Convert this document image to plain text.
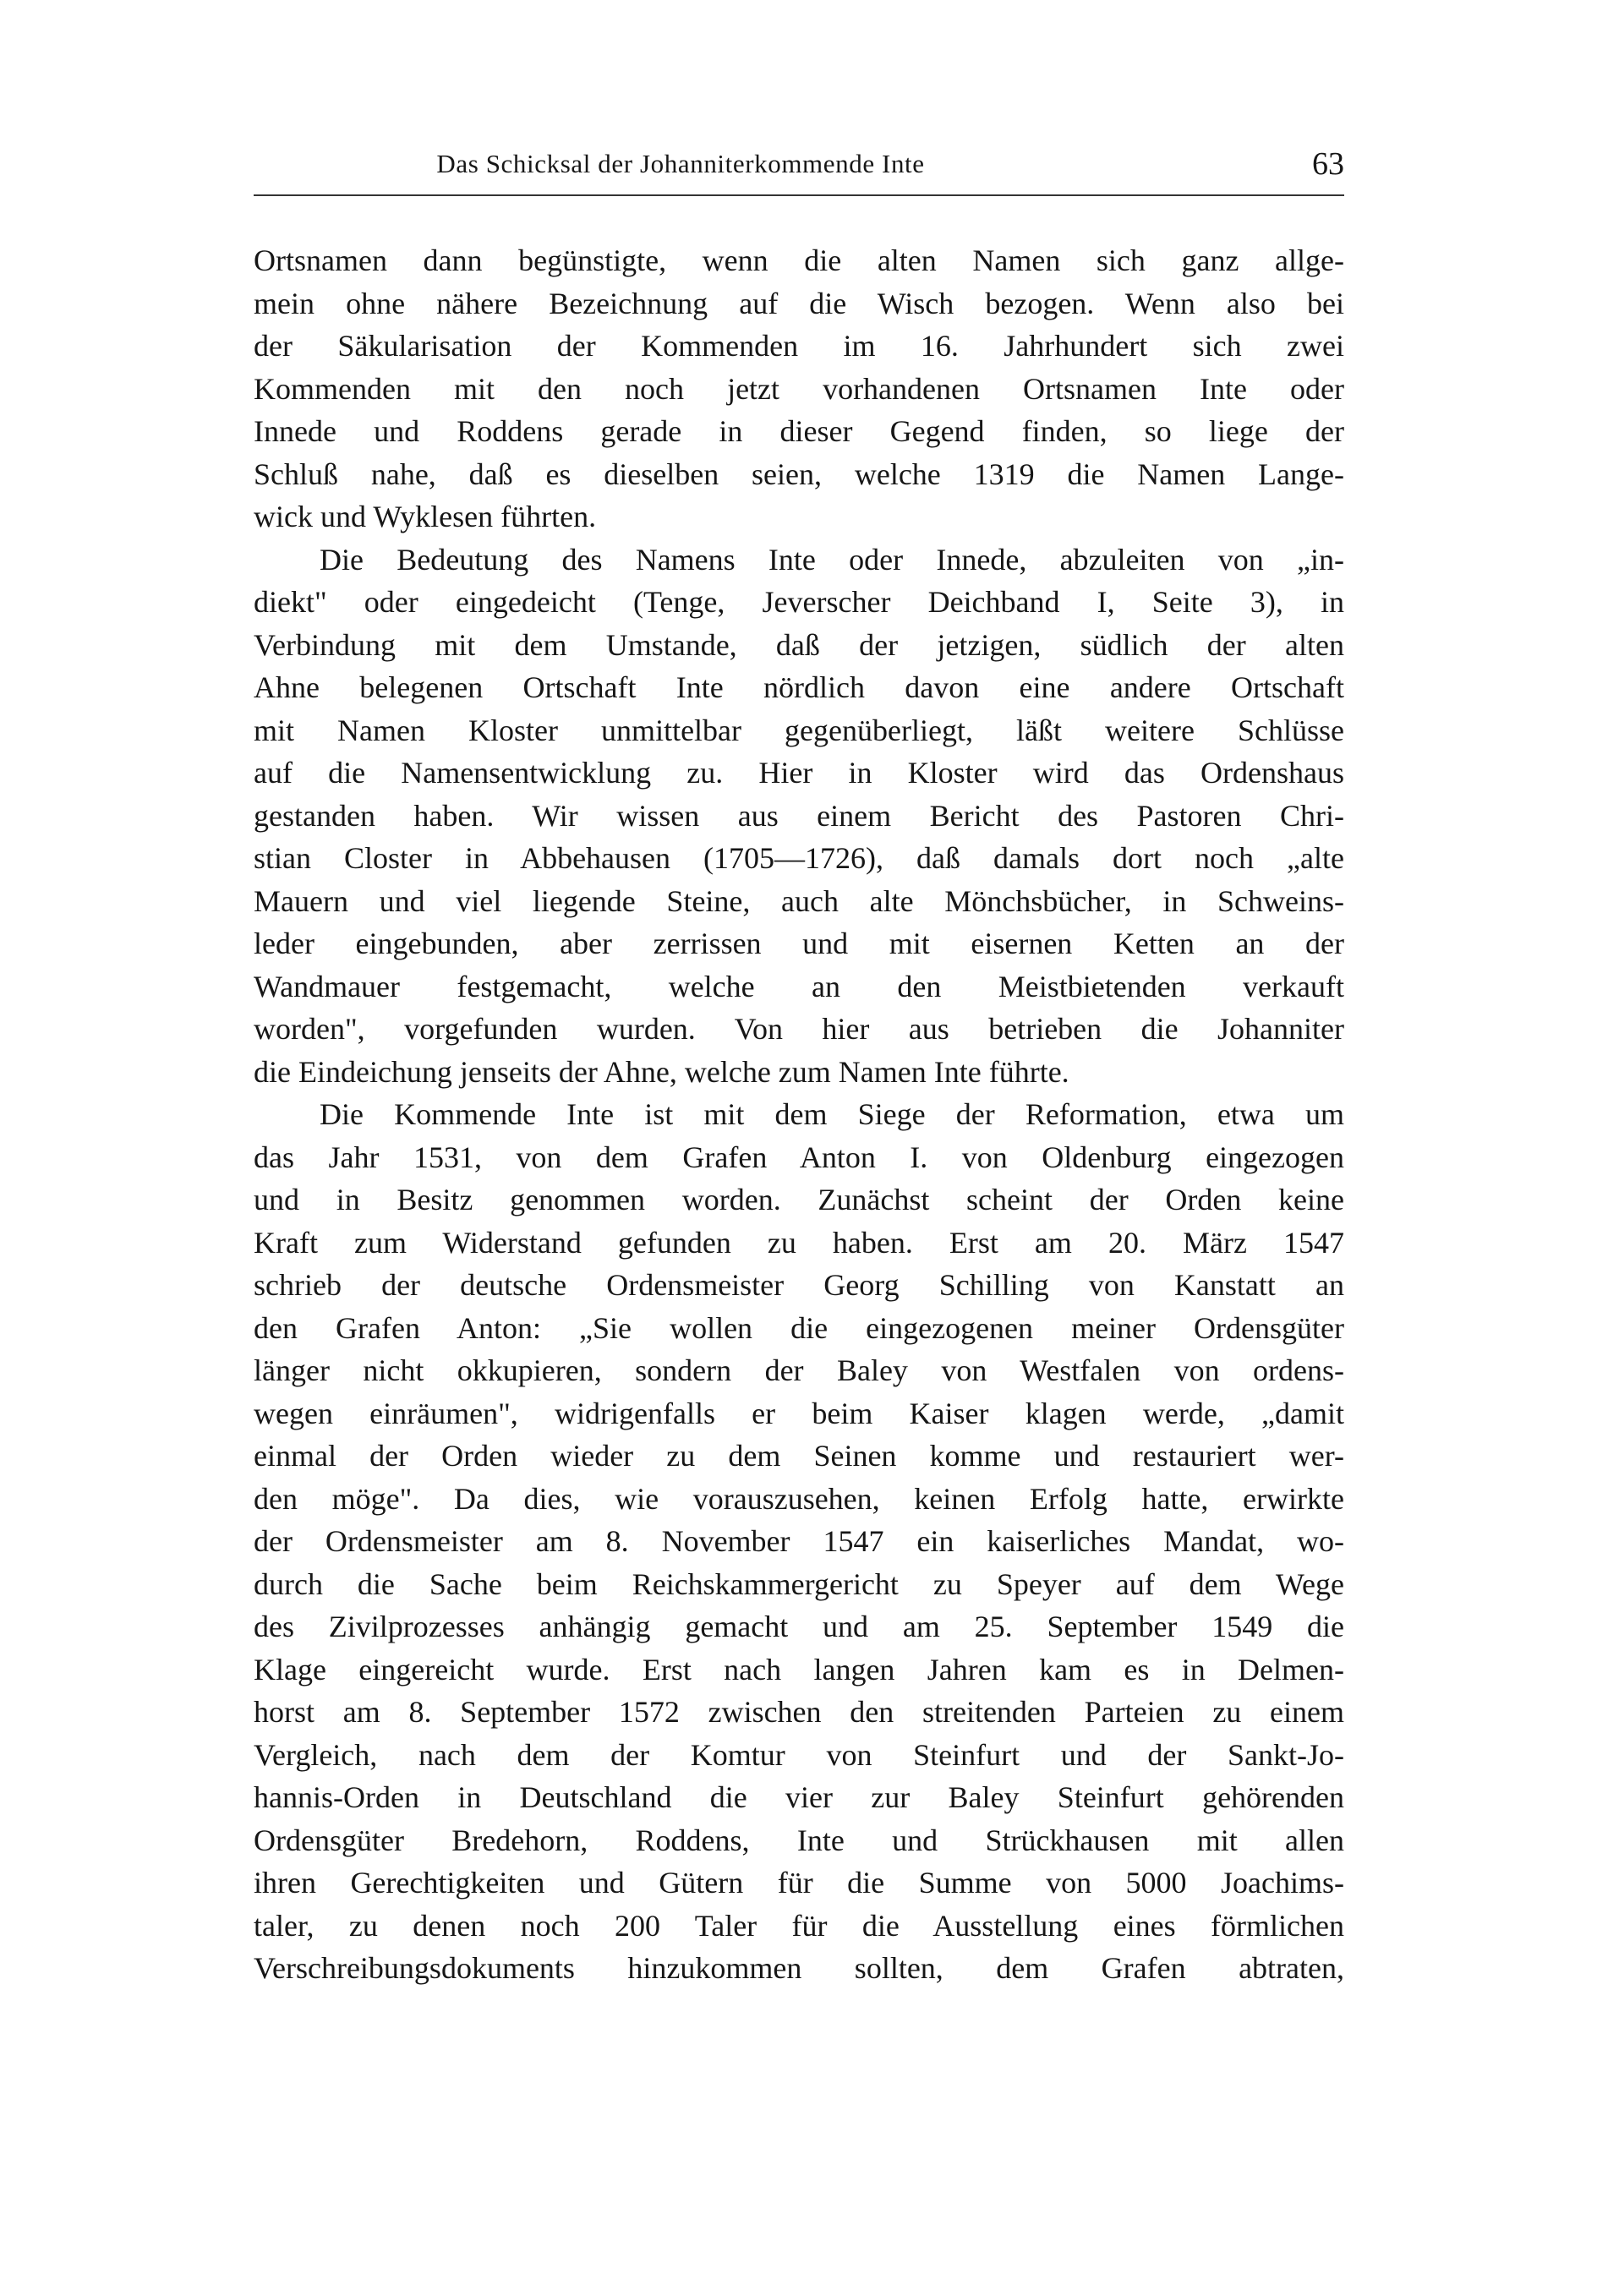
Das Schicksal der Johanniterkommende Inte	63
Ortsnamen dann begünstigte, wenn die alten Namen sich ganz allge-
mein ohne nähere Bezeichnung auf die Wisch bezogen. Wenn also bei
der Säkularisation der Kommenden im 16. Jahrhundert sich zwei
Kommenden mit den noch jetzt vorhandenen Ortsnamen Inte oder
Innede und Roddens gerade in dieser Gegend finden, so liege der
Schluß nahe, daß es dieselben seien, welche 1319 die Namen Lange-
wick und Wyklesen führten.
Die Bedeutung des Namens Inte oder Innede, abzuleiten von „in-
diekt" oder eingedeicht (Tenge, Jeverscher Deichband I, Seite 3), in
Verbindung mit dem Umstande, daß der jetzigen, südlich der alten
Ahne belegenen Ortschaft Inte nördlich davon eine andere Ortschaft
mit Namen Kloster unmittelbar gegenüberliegt, läßt weitere Schlüsse
auf die Namensentwicklung zu. Hier in Kloster wird das Ordenshaus
gestanden haben. Wir wissen aus einem Bericht des Pastoren Chri-
stian Closter in Abbehausen (1705—1726), daß damals dort noch „alte
Mauern und viel liegende Steine, auch alte Mönchsbücher, in Schweins-
leder eingebunden, aber zerrissen und mit eisernen Ketten an der
Wandmauer festgemacht, welche an den Meistbietenden verkauft
worden", vorgefunden wurden. Von hier aus betrieben die Johanniter
die Eindeichung jenseits der Ahne, welche zum Namen Inte führte.
Die Kommende Inte ist mit dem Siege der Reformation, etwa um
das Jahr 1531, von dem Grafen Anton I. von Oldenburg eingezogen
und in Besitz genommen worden. Zunächst scheint der Orden keine
Kraft zum Widerstand gefunden zu haben. Erst am 20. März 1547
schrieb der deutsche Ordensmeister Georg Schilling von Kanstatt an
den Grafen Anton: „Sie wollen die eingezogenen meiner Ordensgüter
länger nicht okkupieren, sondern der Baley von Westfalen von ordens-
wegen einräumen", widrigenfalls er beim Kaiser klagen werde, „damit
einmal der Orden wieder zu dem Seinen komme und restauriert wer-
den möge". Da dies, wie vorauszusehen, keinen Erfolg hatte, erwirkte
der Ordensmeister am 8. November 1547 ein kaiserliches Mandat, wo-
durch die Sache beim Reichskammergericht zu Speyer auf dem Wege
des Zivilprozesses anhängig gemacht und am 25. September 1549 die
Klage eingereicht wurde. Erst nach langen Jahren kam es in Delmen-
horst am 8. September 1572 zwischen den streitenden Parteien zu einem
Vergleich, nach dem der Komtur von Steinfurt und der Sankt-Jo-
hannis-Orden in Deutschland die vier zur Baley Steinfurt gehörenden
Ordensgüter Bredehorn, Roddens, Inte und Strückhausen mit allen
ihren Gerechtigkeiten und Gütern für die Summe von 5000 Joachims-
taler, zu denen noch 200 Taler für die Ausstellung eines förmlichen
Verschreibungsdokuments hinzukommen sollten, dem Grafen abtraten,
